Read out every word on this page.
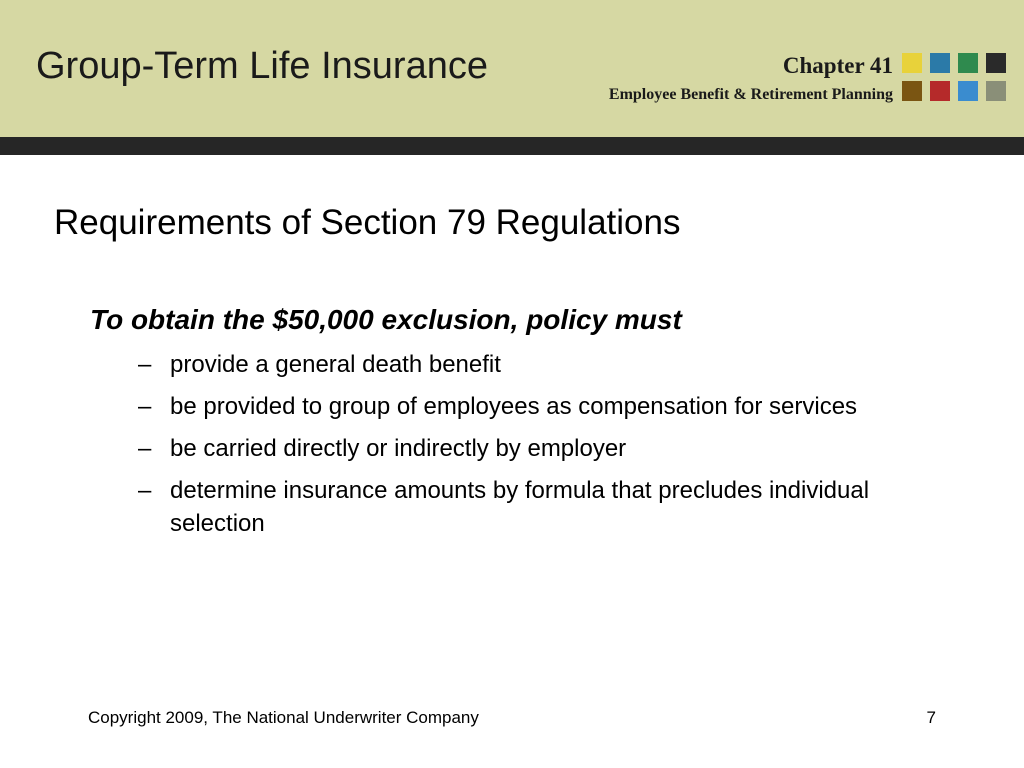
Group-Term Life Insurance	Chapter 41
Employee Benefit & Retirement Planning
Requirements of Section 79 Regulations
To obtain the $50,000 exclusion, policy must
– provide a general death benefit
– be provided to group of employees as compensation for services
– be carried directly or indirectly by employer
– determine insurance amounts by formula that precludes individual selection
Copyright 2009, The National Underwriter Company	7
